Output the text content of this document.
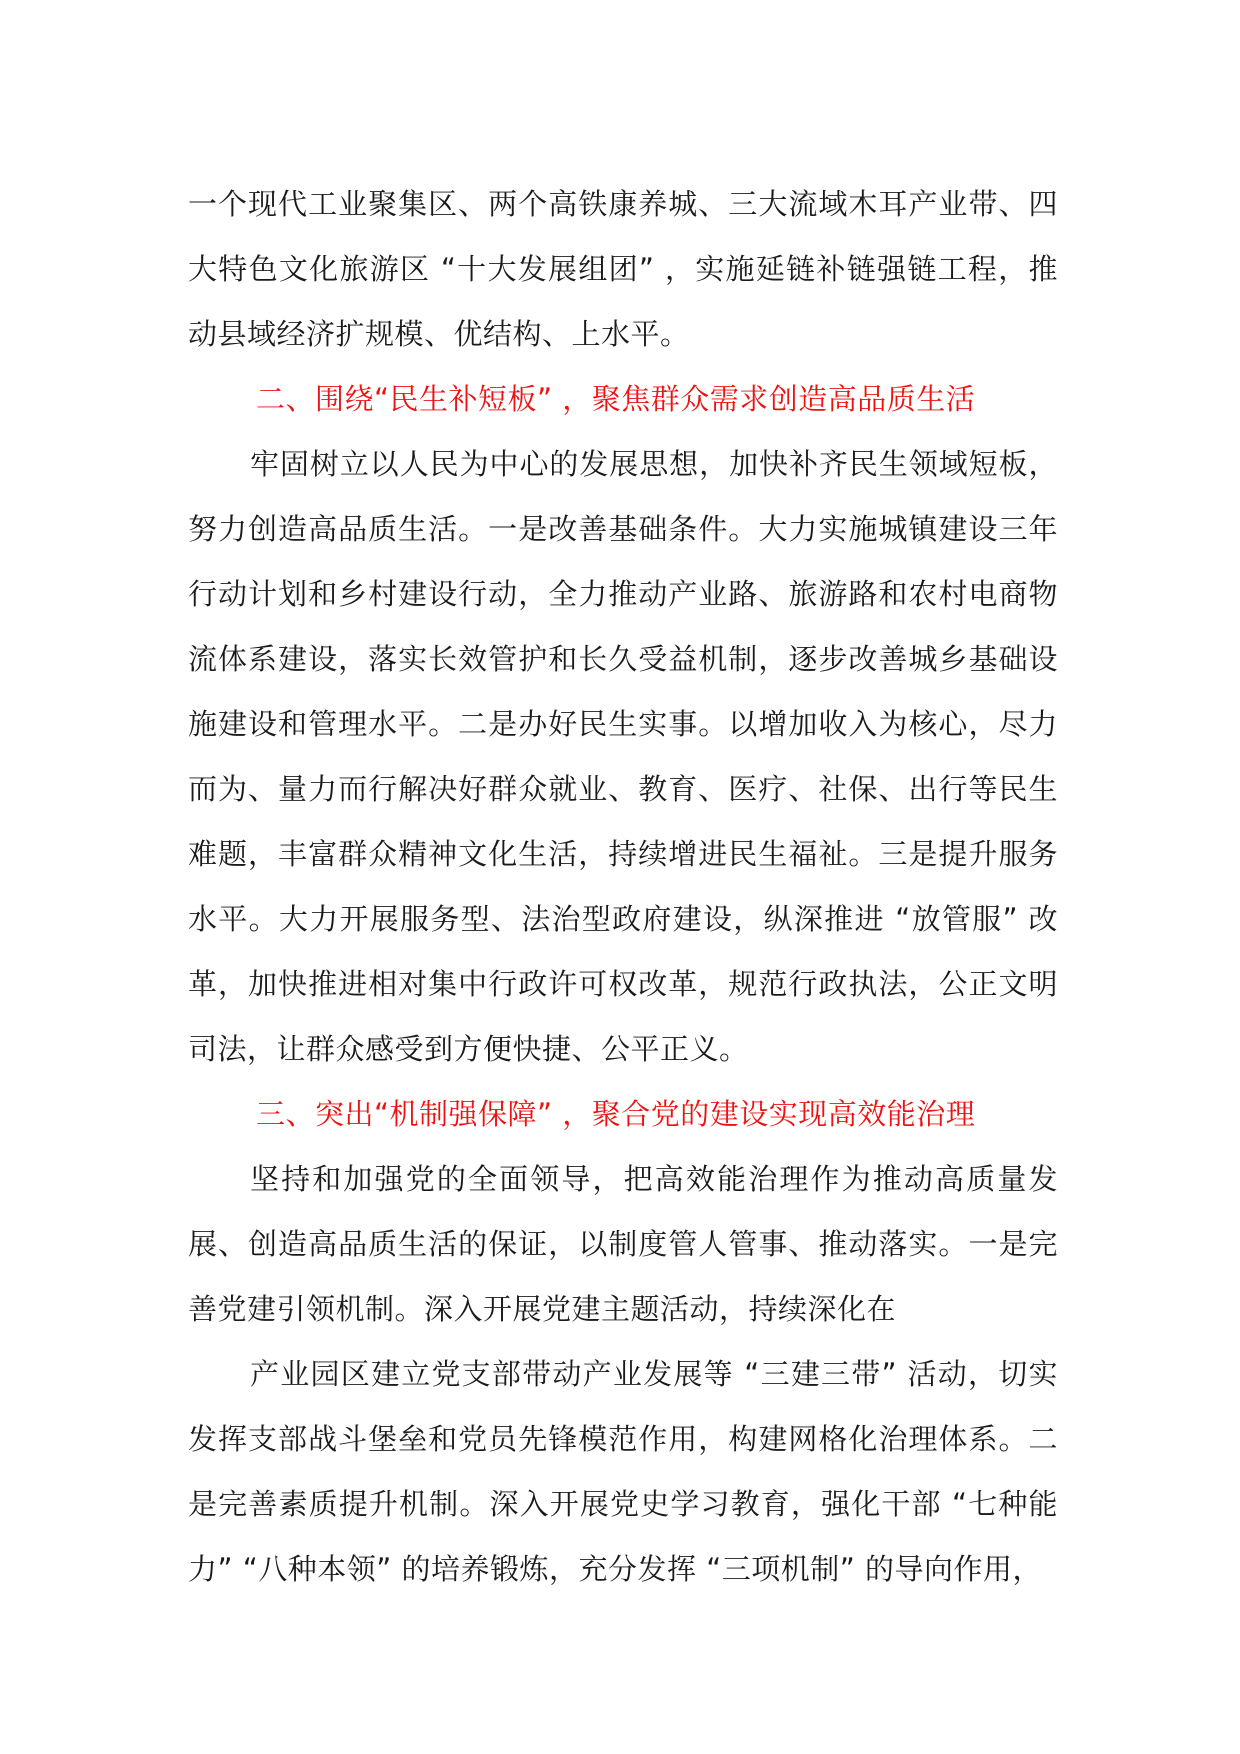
一个现代工业聚集区、两个高铁康养城、三大流域木耳产业带、四大特色文化旅游区 “十大发展组团” ，实施延链补链强链工程，推动县域经济扩规模、优结构、上水平。

二、围绕“民生补短板” ，聚焦群众需求创造高品质生活

牢固树立以人民为中心的发展思想，加快补齐民生领域短板，努力创造高品质生活。一是改善基础条件。大力实施城镇建设三年行动计划和乡村建设行动，全力推动产业路、旅游路和农村电商物流体系建设，落实长效管护和长久受益机制，逐步改善城乡基础设施建设和管理水平。二是办好民生实事。以增加收入为核心，尽力而为、量力而行解决好群众就业、教育、医疗、社保、出行等民生难题，丰富群众精神文化生活，持续增进民生福祉。三是提升服务水平。大力开展服务型、法治型政府建设，纵深推进 “放管服” 改革，加快推进相对集中行政许可权改革，规范行政执法，公正文明司法，让群众感受到方便快捷、公平正义。

三、突出“机制强保障” ，聚合党的建设实现高效能治理

坚持和加强党的全面领导，把高效能治理作为推动高质量发展、创造高品质生活的保证，以制度管人管事、推动落实。一是完善党建引领机制。深入开展党建主题活动，持续深化在

产业园区建立党支部带动产业发展等 “三建三带” 活动，切实发挥支部战斗堡垒和党员先锋模范作用，构建网格化治理体系。二是完善素质提升机制。深入开展党史学习教育，强化干部 “七种能力” “八种本领” 的培养锻炼，充分发挥 “三项机制” 的导向作用，
